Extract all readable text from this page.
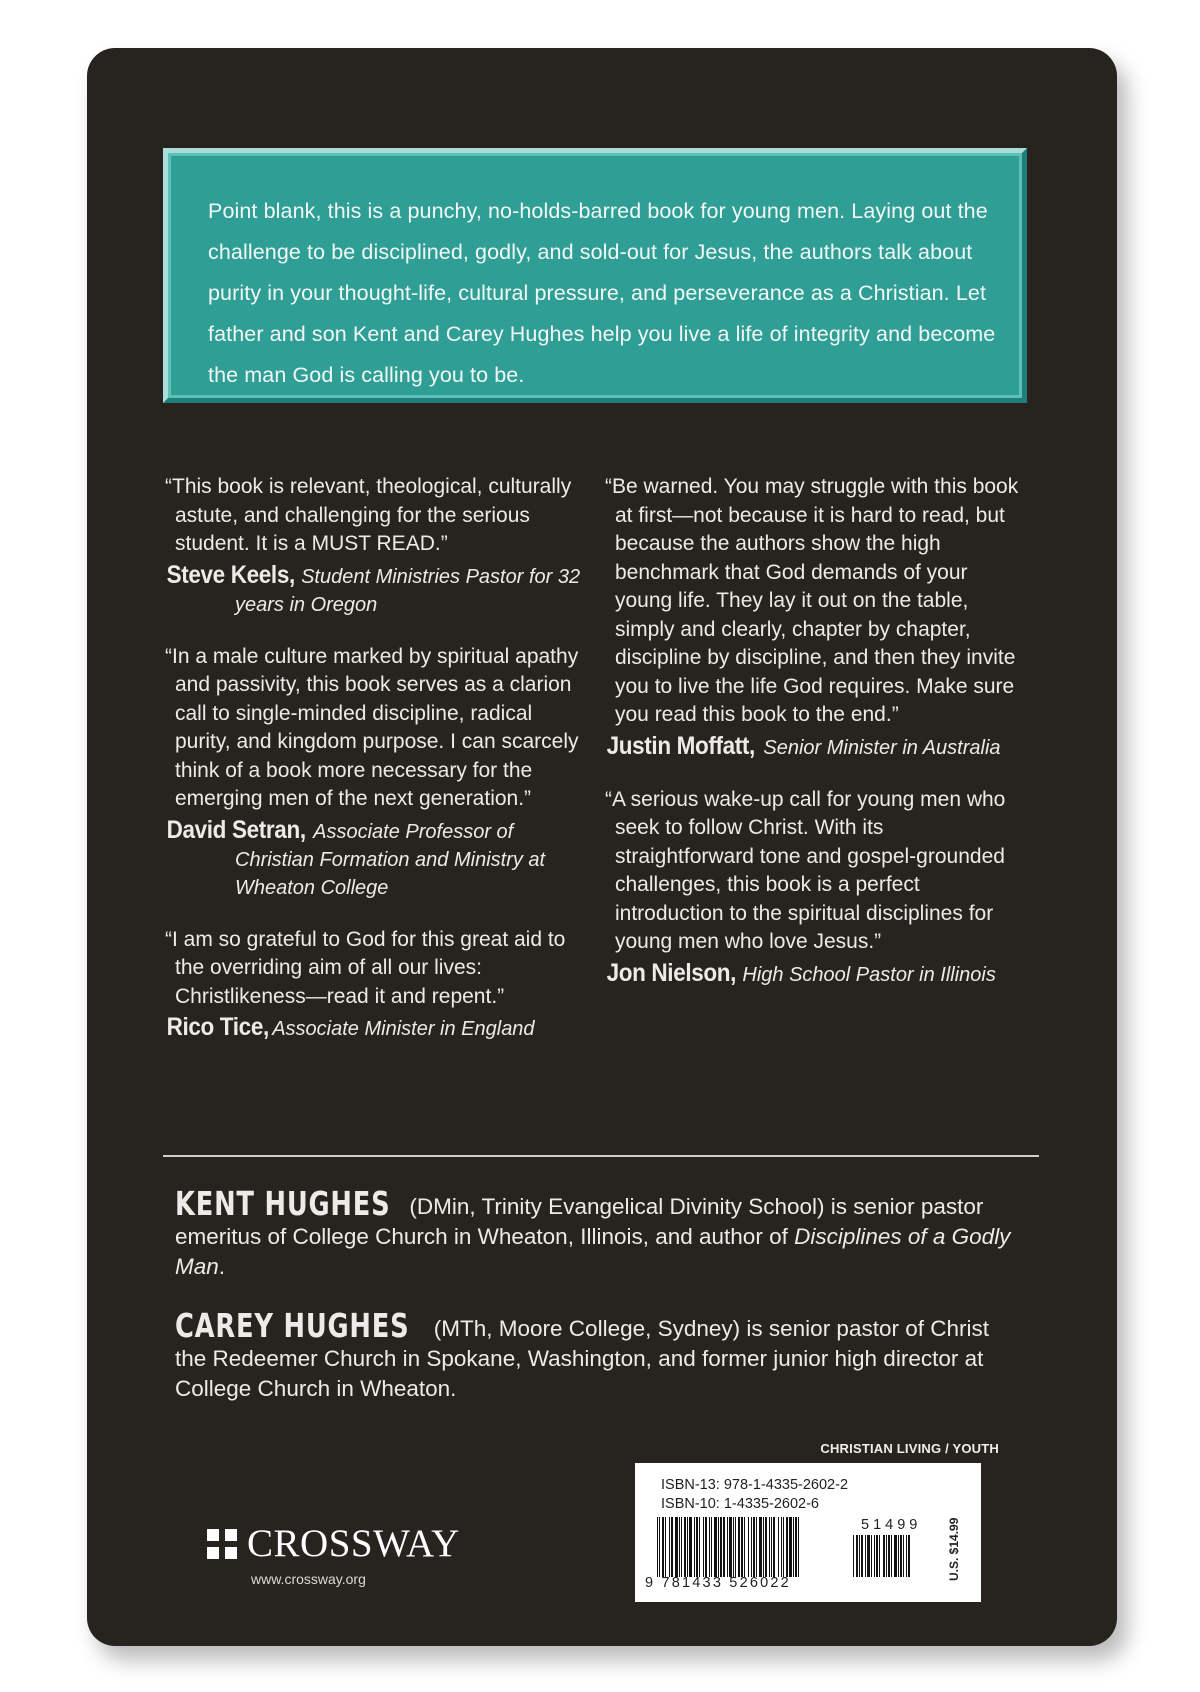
Point blank, this is a punchy, no-holds-barred book for young men. Laying out the challenge to be disciplined, godly, and sold-out for Jesus, the authors talk about purity in your thought-life, cultural pressure, and perseverance as a Christian. Let father and son Kent and Carey Hughes help you live a life of integrity and become the man God is calling you to be.

“This book is relevant, theological, culturally astute, and challenging for the serious student. It is a MUST READ.”

Steve Keels, Student Ministries Pastor for 32 years in Oregon

“In a male culture marked by spiritual apathy and passivity, this book serves as a clarion call to single-minded discipline, radical purity, and kingdom purpose. I can scarcely think of a book more necessary for the emerging men of the next generation.”

David Setran, Associate Professor of Christian Formation and Ministry at Wheaton College

“I am so grateful to God for this great aid to the overriding aim of all our lives: Christlikeness—read it and repent.”

Rico Tice, Associate Minister in England

“Be warned. You may struggle with this book at first—not because it is hard to read, but because the authors show the high benchmark that God demands of your young life. They lay it out on the table, simply and clearly, chapter by chapter, discipline by discipline, and then they invite you to live the life God requires. Make sure you read this book to the end.”

Justin Moffatt, Senior Minister in Australia

“A serious wake-up call for young men who seek to follow Christ. With its straightforward tone and gospel-grounded challenges, this book is a perfect introduction to the spiritual disciplines for young men who love Jesus.”

Jon Nielson, High School Pastor in Illinois

KENT HUGHES (DMin, Trinity Evangelical Divinity School) is senior pastor emeritus of College Church in Wheaton, Illinois, and author of Disciplines of a Godly Man.

CAREY HUGHES (MTh, Moore College, Sydney) is senior pastor of Christ the Redeemer Church in Spokane, Washington, and former junior high director at College Church in Wheaton.

CHRISTIAN LIVING / YOUTH

ISBN-13: 978-1-4335-2602-2

ISBN-10: 1-4335-2602-6

51499

9 781433 526022

U.S. $14.99

CROSSWAY

www.crossway.org
